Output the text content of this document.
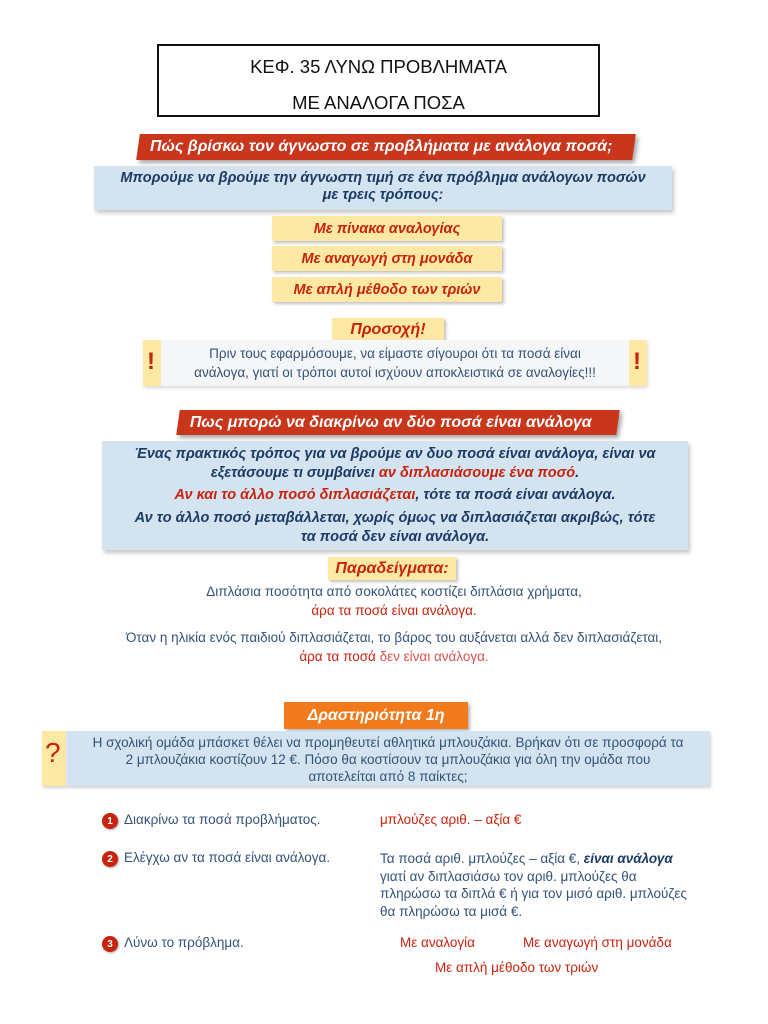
ΚΕΦ. 35 ΛΥΝΩ ΠΡΟΒΛΗΜΑΤΑ
ΜΕ ΑΝΑΛΟΓΑ ΠΟΣΑ
Πώς βρίσκω τον άγνωστο σε προβλήματα με ανάλογα ποσά;
Μπορούμε να βρούμε την άγνωστη τιμή σε ένα πρόβλημα ανάλογων ποσών
με τρεις τρόπους:
Με πίνακα αναλογίας
Με αναγωγή στη μονάδα
Με απλή μέθοδο των τριών
Προσοχή!
!	!
Πριν τους εφαρμόσουμε, να είμαστε σίγουροι ότι τα ποσά είναι
ανάλογα, γιατί οι τρόποι αυτοί ισχύουν αποκλειστικά σε αναλογίες!!!
Πως μπορώ να διακρίνω αν δύο ποσά είναι ανάλογα
Ένας πρακτικός τρόπος για να βρούμε αν δυο ποσά είναι ανάλογα, είναι να
εξετάσουμε τι συμβαίνει αν διπλασιάσουμε ένα ποσό.
Αν και το άλλο ποσό διπλασιάζεται, τότε τα ποσά είναι ανάλογα.
Αν το άλλο ποσό μεταβάλλεται, χωρίς όμως να διπλασιάζεται ακριβώς, τότε
τα ποσά δεν είναι ανάλογα.
Παραδείγματα:
Διπλάσια ποσότητα από σοκολάτες κοστίζει διπλάσια χρήματα,
άρα τα ποσά είναι ανάλογα.
Όταν η ηλικία ενός παιδιού διπλασιάζεται, το βάρος του αυξάνεται αλλά δεν διπλασιάζεται,
άρα τα ποσά δεν είναι ανάλογα.
Δραστηριότητα 1η
?	Η σχολική ομάδα μπάσκετ θέλει να προμηθευτεί αθλητικά μπλουζάκια. Βρήκαν ότι σε προσφορά τα
2 μπλουζάκια κοστίζουν 12 €. Πόσο θα κοστίσουν τα μπλουζάκια για όλη την ομάδα που
αποτελείται από 8 παίκτες;
1 Διακρίνω τα ποσά προβλήματος.	μπλούζες αριθ. – αξία €
2 Ελέγχω αν τα ποσά είναι ανάλογα.	Τα ποσά αριθ. μπλούζες – αξία €, είναι ανάλογα
γιατί αν διπλασιάσω τον αριθ. μπλούζες θα
πληρώσω τα διπλά € ή για τον μισό αριθ. μπλούζες
θα πληρώσω τα μισά €.
3 Λύνω το πρόβλημα.	Με αναλογία	Με αναγωγή στη μονάδα
Με απλή μέθοδο των τριών
